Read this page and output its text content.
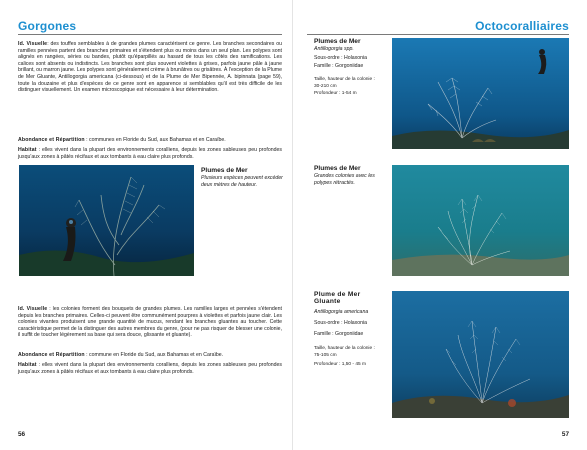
Gorgones

Id. Visuelle: des touffes semblables à de grandes plumes caractérisent ce genre. Les branches secondaires ou ramilles pennées partent des branches primaires et s'étendent plus ou moins dans un seul plan. Les polypes sont alignés en rangées, séries ou bandes, plutôt qu'éparpillés au hasard de tous les côtés des ramifications. Les calices sont absents ou indistincts. Les branches sont plus souvent violettes à grises, parfois jaune pâle à jaune brillant, ou marron jaune. Les polypes sont généralement crème à brunâtres ou grisâtres. À l'exception de la Plume de Mer Gluante, Antillogorgia americana (ci-dessous) et de la Plume de Mer Bipennée, A. bipinnata (page 59), toute la douzaine et plus d'espèces de ce genre sont en apparence si semblables qu'il est très difficile de les distinguer visuellement. Un examen microscopique est nécessaire à leur détermination.

Abondance et Répartition : communes en Floride du Sud, aux Bahamas et en Caraïbe.

Habitat : elles vivent dans la plupart des environnements coralliens, depuis les zones sableuses peu profondes jusqu'aux zones à pâtés récifaux et aux tombants à eau claire plus profonds.

Plumes de Mer

Plusieurs espèces peuvent excéder deux mètres de hauteur.

Id. Visuelle : les colonies forment des bouquets de grandes plumes. Les ramilles larges et pennées s'étendent depuis les branches primaires. Celles-ci peuvent être communément pourpres à violettes et parfois jaune clair. Les colonies vivantes produisent une grande quantité de mucus, rendant les branches gluantes au toucher. Cette caractéristique permet de la distinguer des autres membres du genre, (pour ne pas risquer de blesser une colonie, il suffit de toucher légèrement sa base qui sera douce, glissante et gluante).

Abondance et Répartition : commune en Floride du Sud, aux Bahamas et en Caraïbe.

Habitat : elles vivent dans la plupart des environnements coralliens, depuis les zones sableuses peu profondes jusqu'aux zones à pâtés récifaux et aux tombants à eau claire plus profonds.

56
Octocoralliaires

Plumes de Mer

Antillogorgia spp.

Sous-ordre : Holaxonia

Famille : Gorgoniidae

Taille, hauteur de la colonie :

30-210 cm

Profondeur : 1-54 m

Plumes de Mer

Grandes colonies avec les polypes rétractés.

Plume de Mer

Gluante

Antillogorgia americana

Sous-ordre : Holaxonia

Famille : Gorgoniidae

Taille, hauteur de la colonie :

75-105 cm

Profondeur : 1,50 - 45 m

57
